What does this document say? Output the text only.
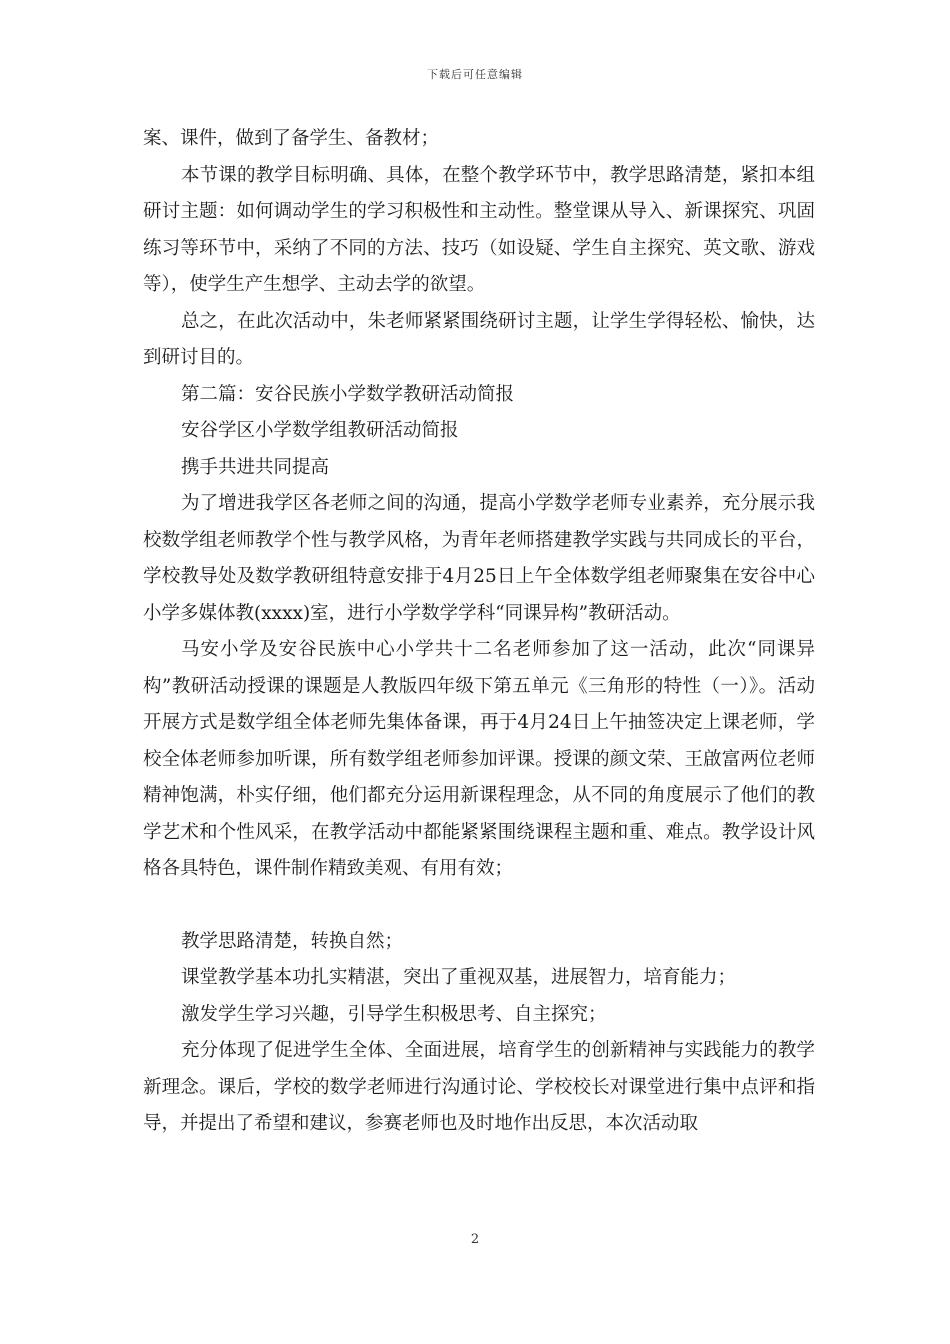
下载后可任意编辑

案、课件，做到了备学生、备教材；

本节课的教学目标明确、具体，在整个教学环节中，教学思路清楚，紧扣本组研讨主题：如何调动学生的学习积极性和主动性。整堂课从导入、新课探究、巩固练习等环节中，采纳了不同的方法、技巧（如设疑、学生自主探究、英文歌、游戏等），使学生产生想学、主动去学的欲望。

总之，在此次活动中，朱老师紧紧围绕研讨主题，让学生学得轻松、愉快，达到研讨目的。

第二篇：安谷民族小学数学教研活动简报

安谷学区小学数学组教研活动简报

携手共进共同提高

为了增进我学区各老师之间的沟通，提高小学数学老师专业素养，充分展示我校数学组老师教学个性与教学风格，为青年老师搭建教学实践与共同成长的平台，学校教导处及数学教研组特意安排于4月25日上午全体数学组老师聚集在安谷中心小学多媒体教(xxxx)室，进行小学数学学科“同课异构”教研活动。

马安小学及安谷民族中心小学共十二名老师参加了这一活动，此次“同课异构”教研活动授课的课题是人教版四年级下第五单元《三角形的特性（一）》。活动开展方式是数学组全体老师先集体备课，再于4月24日上午抽签决定上课老师，学校全体老师参加听课，所有数学组老师参加评课。授课的颜文荣、王啟富两位老师精神饱满，朴实仔细，他们都充分运用新课程理念，从不同的角度展示了他们的教学艺术和个性风采，在教学活动中都能紧紧围绕课程主题和重、难点。教学设计风格各具特色，课件制作精致美观、有用有效；

教学思路清楚，转换自然；

课堂教学基本功扎实精湛，突出了重视双基，进展智力，培育能力；

激发学生学习兴趣，引导学生积极思考、自主探究；

充分体现了促进学生全体、全面进展，培育学生的创新精神与实践能力的教学新理念。课后，学校的数学老师进行沟通讨论、学校校长对课堂进行集中点评和指导，并提出了希望和建议，参赛老师也及时地作出反思，本次活动取

2
